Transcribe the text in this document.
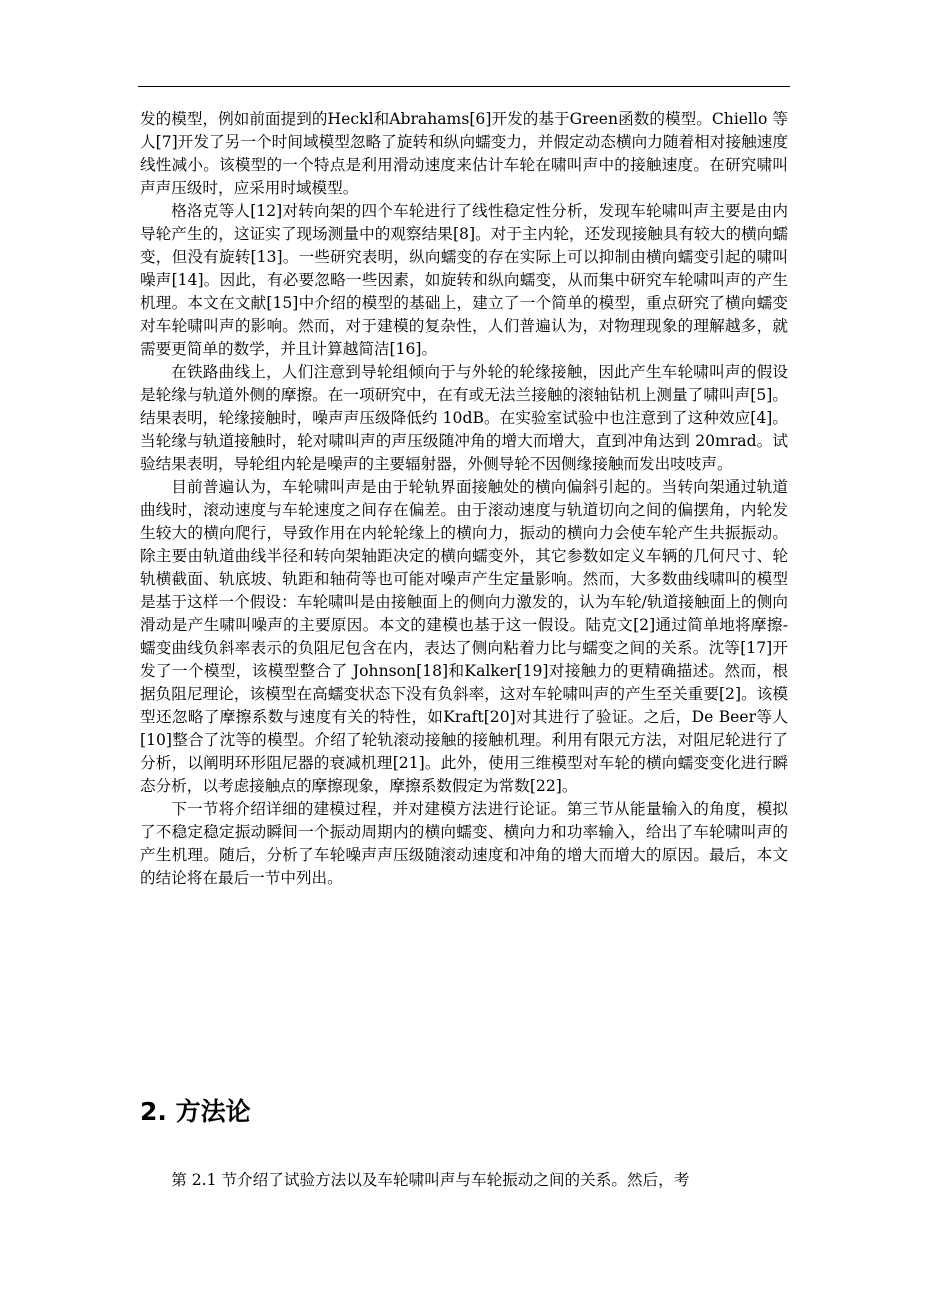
发的模型，例如前面提到的Heckl和Abrahams[6]开发的基于Green函数的模型。Chiello 等人[7]开发了另一个时间域模型忽略了旋转和纵向蠕变力，并假定动态横向力随着相对接触速度线性减小。该模型的一个特点是利用滑动速度来估计车轮在啸叫声中的接触速度。在研究啸叫声声压级时，应采用时域模型。

格洛克等人[12]对转向架的四个车轮进行了线性稳定性分析，发现车轮啸叫声主要是由内导轮产生的，这证实了现场测量中的观察结果[8]。对于主内轮，还发现接触具有较大的横向蠕变，但没有旋转[13]。一些研究表明，纵向蠕变的存在实际上可以抑制由横向蠕变引起的啸叫噪声[14]。因此，有必要忽略一些因素，如旋转和纵向蠕变，从而集中研究车轮啸叫声的产生机理。本文在文献[15]中介绍的模型的基础上，建立了一个简单的模型，重点研究了横向蠕变对车轮啸叫声的影响。然而，对于建模的复杂性，人们普遍认为，对物理现象的理解越多，就需要更简单的数学，并且计算越简洁[16]。

在铁路曲线上，人们注意到导轮组倾向于与外轮的轮缘接触，因此产生车轮啸叫声的假设是轮缘与轨道外侧的摩擦。在一项研究中，在有或无法兰接触的滚轴钻机上测量了啸叫声[5]。结果表明，轮缘接触时，噪声声压级降低约 10dB。在实验室试验中也注意到了这种效应[4]。当轮缘与轨道接触时，轮对啸叫声的声压级随冲角的增大而增大，直到冲角达到 20mrad。试验结果表明，导轮组内轮是噪声的主要辐射器，外侧导轮不因侧缘接触而发出吱吱声。

目前普遍认为，车轮啸叫声是由于轮轨界面接触处的横向偏斜引起的。当转向架通过轨道曲线时，滚动速度与车轮速度之间存在偏差。由于滚动速度与轨道切向之间的偏摆角，内轮发生较大的横向爬行，导致作用在内轮轮缘上的横向力，振动的横向力会使车轮产生共振振动。除主要由轨道曲线半径和转向架轴距决定的横向蠕变外，其它参数如定义车辆的几何尺寸、轮轨横截面、轨底坡、轨距和轴荷等也可能对噪声产生定量影响。然而，大多数曲线啸叫的模型是基于这样一个假设：车轮啸叫是由接触面上的侧向力激发的，认为车轮/轨道接触面上的侧向滑动是产生啸叫噪声的主要原因。本文的建模也基于这一假设。陆克文[2]通过简单地将摩擦-蠕变曲线负斜率表示的负阻尼包含在内，表达了侧向粘着力比与蠕变之间的关系。沈等[17]开发了一个模型，该模型整合了 Johnson[18]和Kalker[19]对接触力的更精确描述。然而，根据负阻尼理论，该模型在高蠕变状态下没有负斜率，这对车轮啸叫声的产生至关重要[2]。该模型还忽略了摩擦系数与速度有关的特性，如Kraft[20]对其进行了验证。之后，De Beer等人[10]整合了沈等的模型。介绍了轮轨滚动接触的接触机理。利用有限元方法，对阻尼轮进行了分析，以阐明环形阻尼器的衰减机理[21]。此外，使用三维模型对车轮的横向蠕变变化进行瞬态分析，以考虑接触点的摩擦现象，摩擦系数假定为常数[22]。

下一节将介绍详细的建模过程，并对建模方法进行论证。第三节从能量输入的角度，模拟了不稳定稳定振动瞬间一个振动周期内的横向蠕变、横向力和功率输入，给出了车轮啸叫声的产生机理。随后，分析了车轮噪声声压级随滚动速度和冲角的增大而增大的原因。最后，本文的结论将在最后一节中列出。

2. 方法论

第 2.1 节介绍了试验方法以及车轮啸叫声与车轮振动之间的关系。然后，考
